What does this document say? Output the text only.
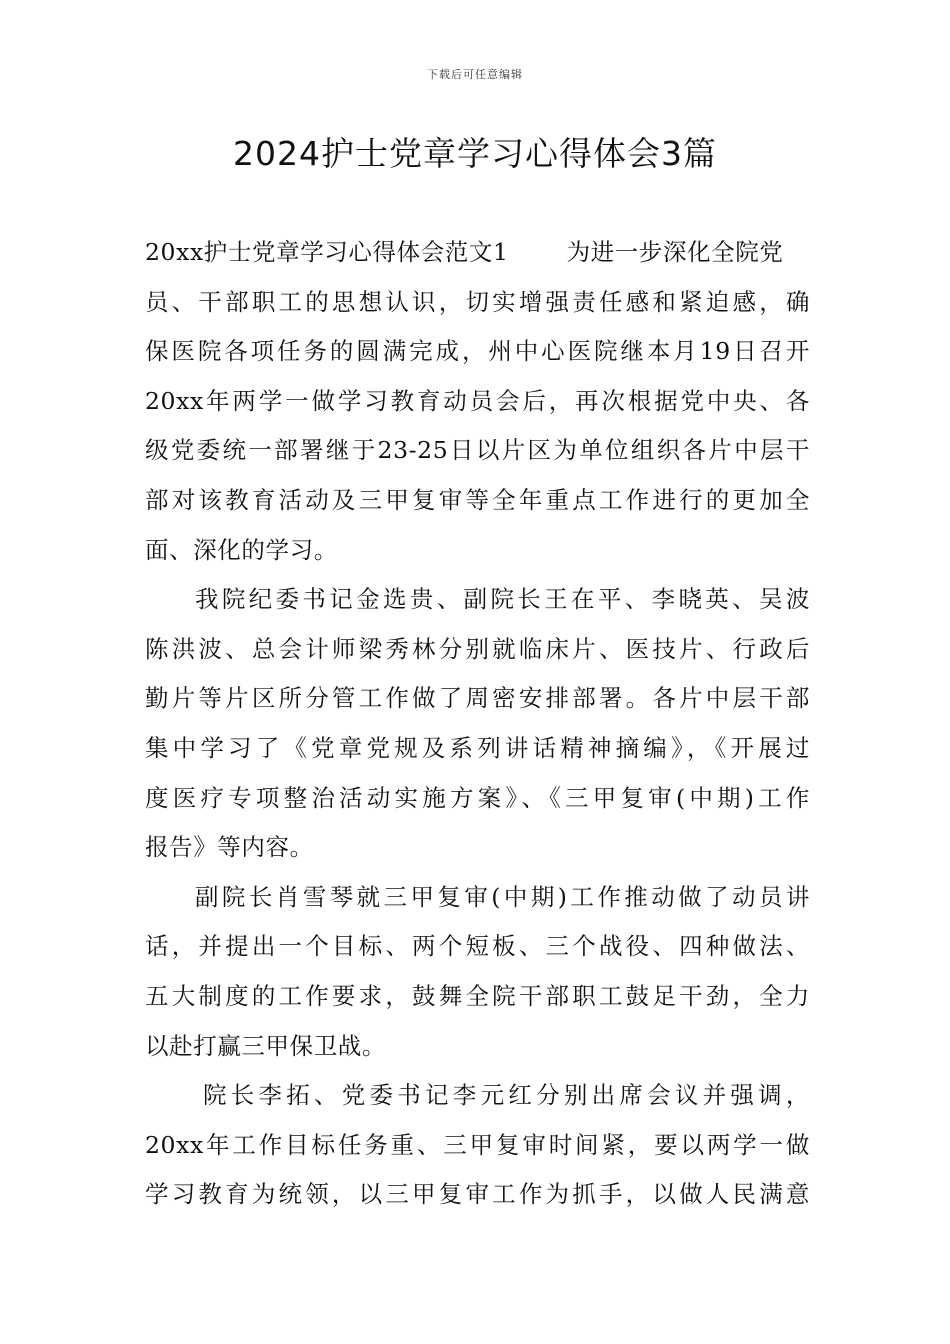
下载后可任意编辑
2024护士党章学习心得体会3篇
20xx护士党章学习心得体会范文1 为进一步深化全院党
员、干部职工的思想认识，切实增强责任感和紧迫感，确
保医院各项任务的圆满完成，州中心医院继本月19日召开
20xx年两学一做学习教育动员会后，再次根据党中央、各
级党委统一部署继于23-25日以片区为单位组织各片中层干
部对该教育活动及三甲复审等全年重点工作进行的更加全
面、深化的学习。
我院纪委书记金选贵、副院长王在平、李晓英、吴波
陈洪波、总会计师梁秀林分别就临床片、医技片、行政后
勤片等片区所分管工作做了周密安排部署。各片中层干部
集中学习了《党章党规及系列讲话精神摘编》，《开展过
度医疗专项整治活动实施方案》、《三甲复审(中期)工作
报告》等内容。
副院长肖雪琴就三甲复审(中期)工作推动做了动员讲
话，并提出一个目标、两个短板、三个战役、四种做法、
五大制度的工作要求，鼓舞全院干部职工鼓足干劲，全力
以赴打赢三甲保卫战。
院长李拓、党委书记李元红分别出席会议并强调，
20xx年工作目标任务重、三甲复审时间紧，要以两学一做
学习教育为统领，以三甲复审工作为抓手，以做人民满意
